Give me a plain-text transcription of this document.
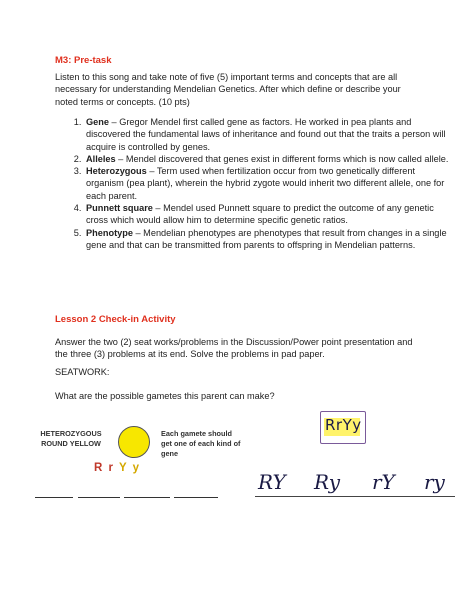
M3: Pre-task
Listen to this song and take note of five (5) important terms and concepts that are all necessary for understanding Mendelian Genetics. After which define or describe your noted terms or concepts. (10 pts)
1. Gene – Gregor Mendel first called gene as factors. He worked in pea plants and discovered the fundamental laws of inheritance and found out that the traits a person will acquire is controlled by genes.
2. Alleles – Mendel discovered that genes exist in different forms which is now called allele.
3. Heterozygous – Term used when fertilization occur from two genetically different organism (pea plant), wherein the hybrid zygote would inherit two different allele, one for each parent.
4. Punnett square – Mendel used Punnett square to predict the outcome of any genetic cross which would allow him to determine specific genetic ratios.
5. Phenotype – Mendelian phenotypes are phenotypes that result from changes in a single gene and that can be transmitted from parents to offspring in Mendelian patterns.
Lesson 2 Check-in Activity
Answer the two (2) seat works/problems in the Discussion/Power point presentation and the three (3) problems at its end. Solve the problems in pad paper.
SEATWORK:
What are the possible gametes this parent can make?
HETEROZYGOUS
ROUND YELLOW
Each gamete should get one of each kind of gene
R r Y y
RrYy
RY Ry rY ry
